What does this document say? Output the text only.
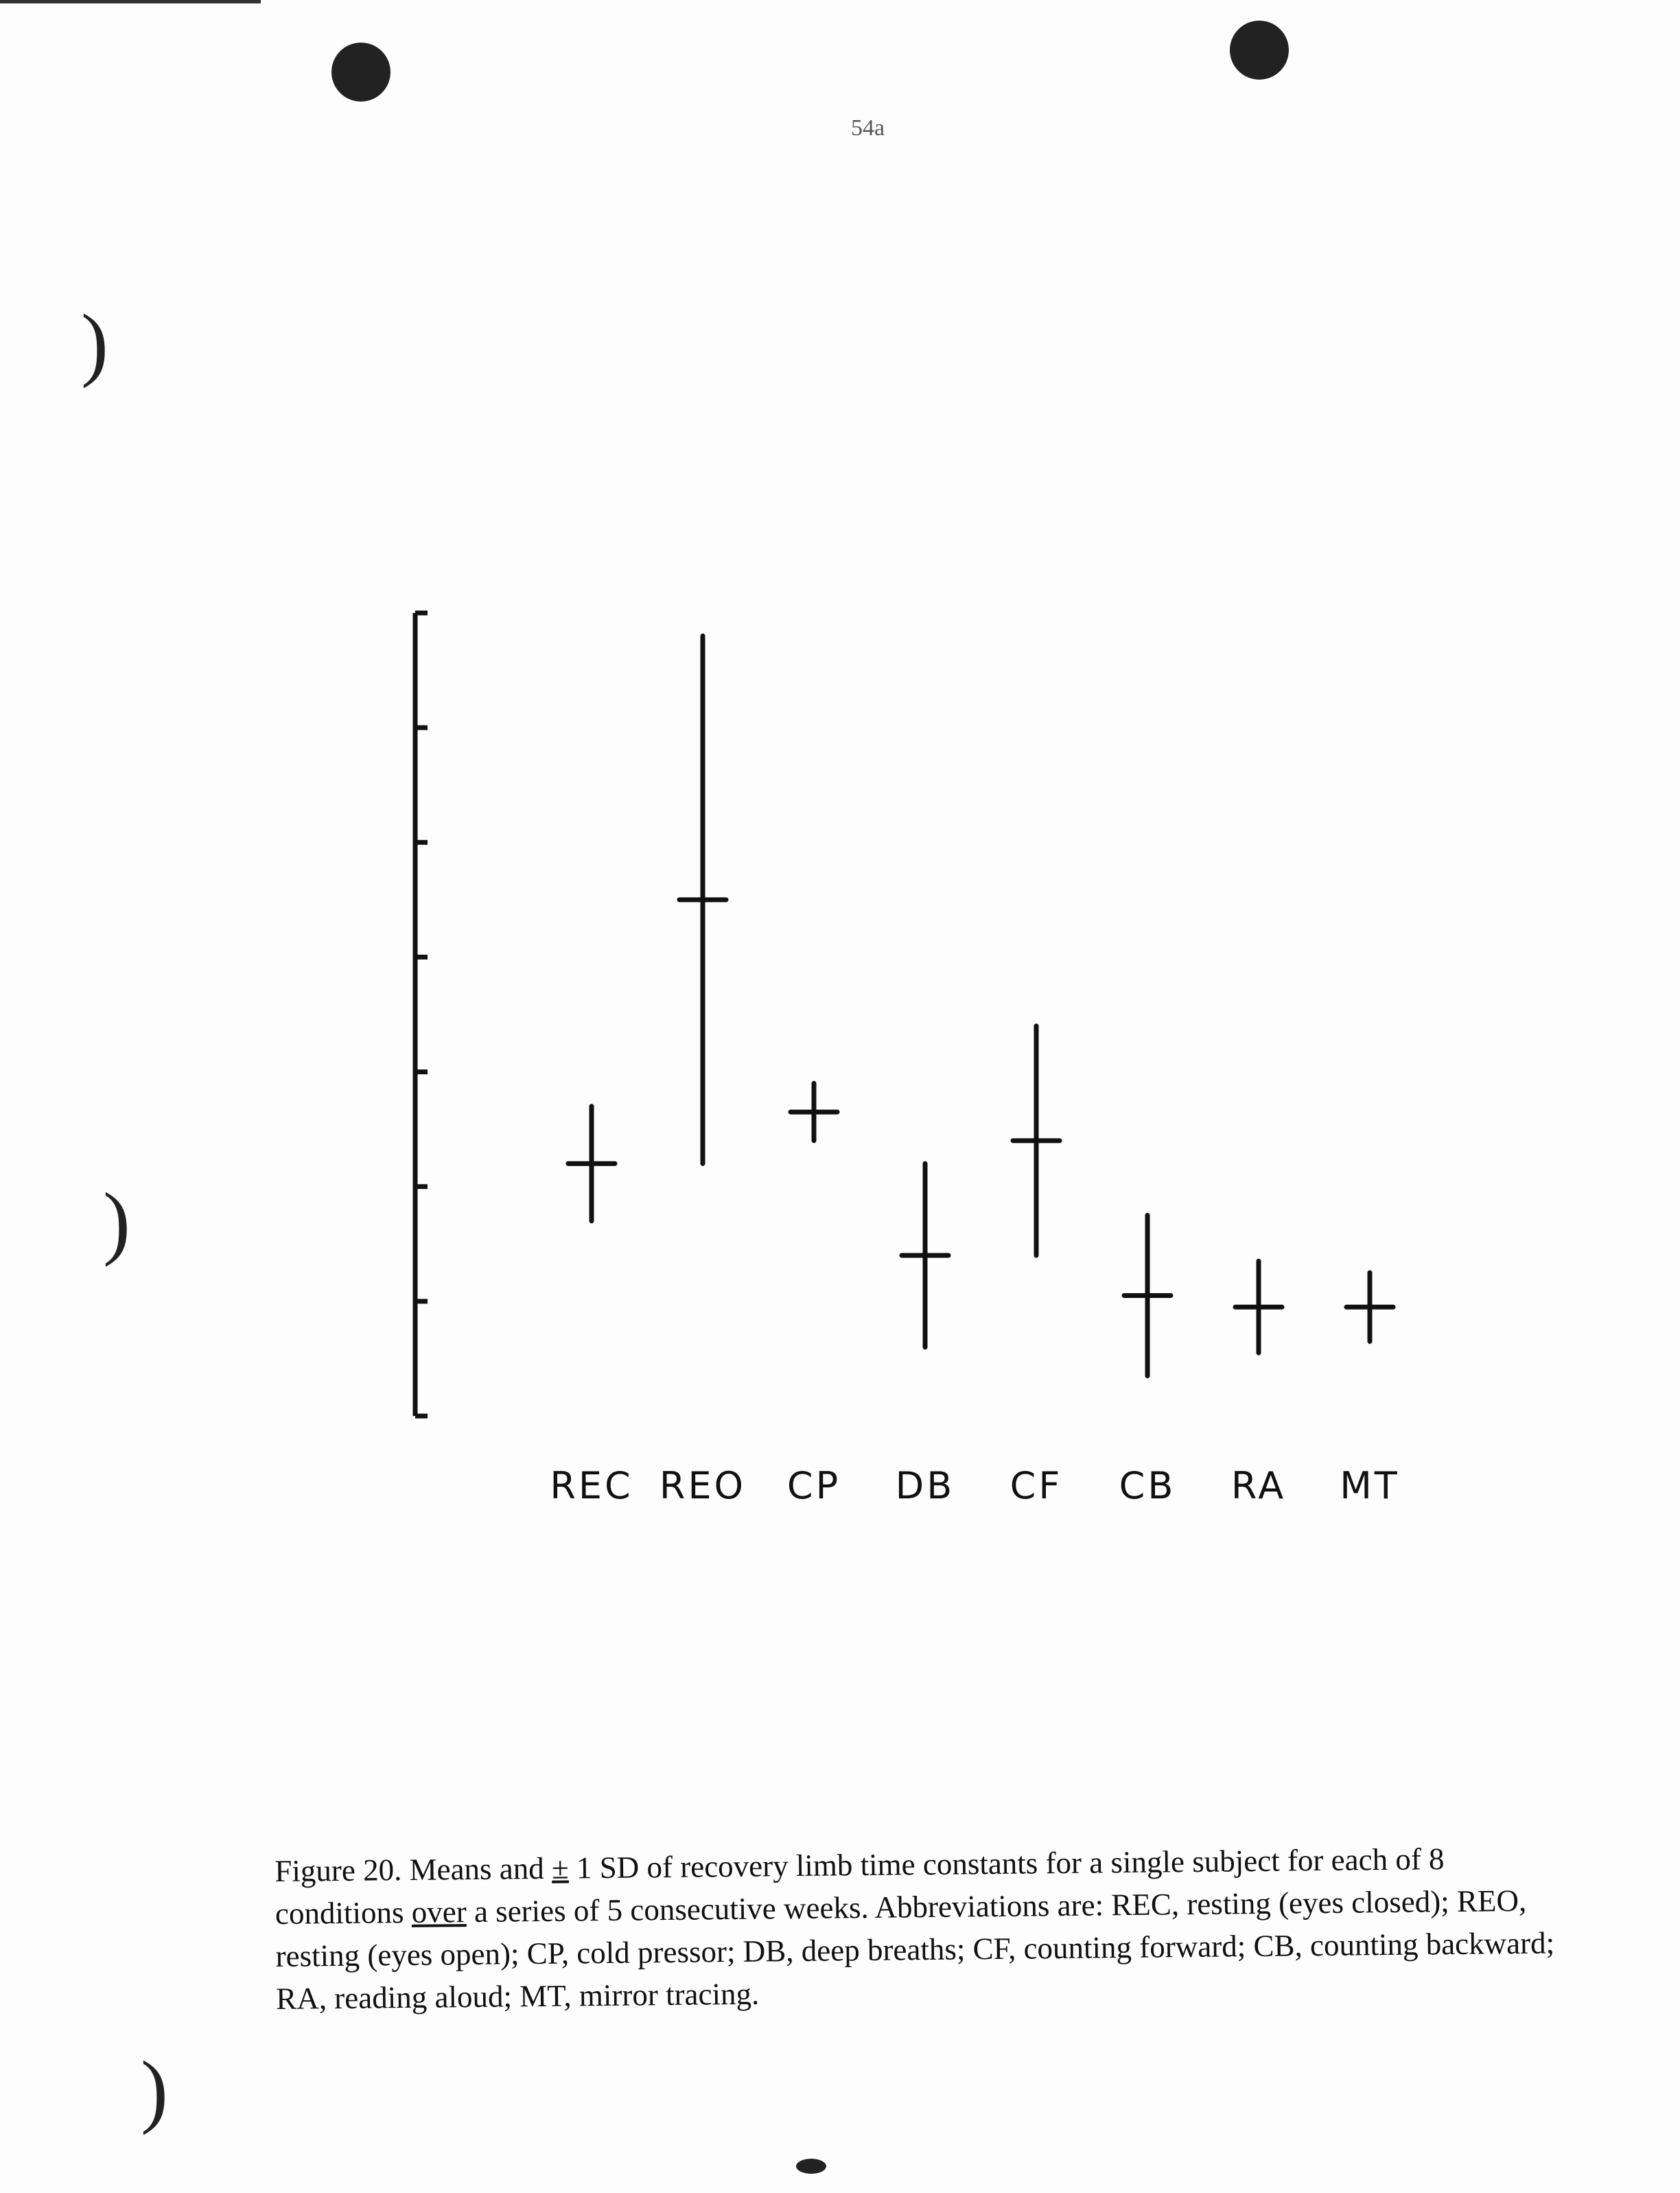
54a
)
)
)
REC REO CP DB CF CB RA MT
Figure 20. Means and ± 1 SD of recovery limb time constants for a single subject for each of 8 conditions over a series of 5 consecutive weeks. Abbreviations are: REC, resting (eyes closed); REO, resting (eyes open); CP, cold pressor; DB, deep breaths; CF, counting forward; CB, counting backward; RA, reading aloud; MT, mirror tracing.
